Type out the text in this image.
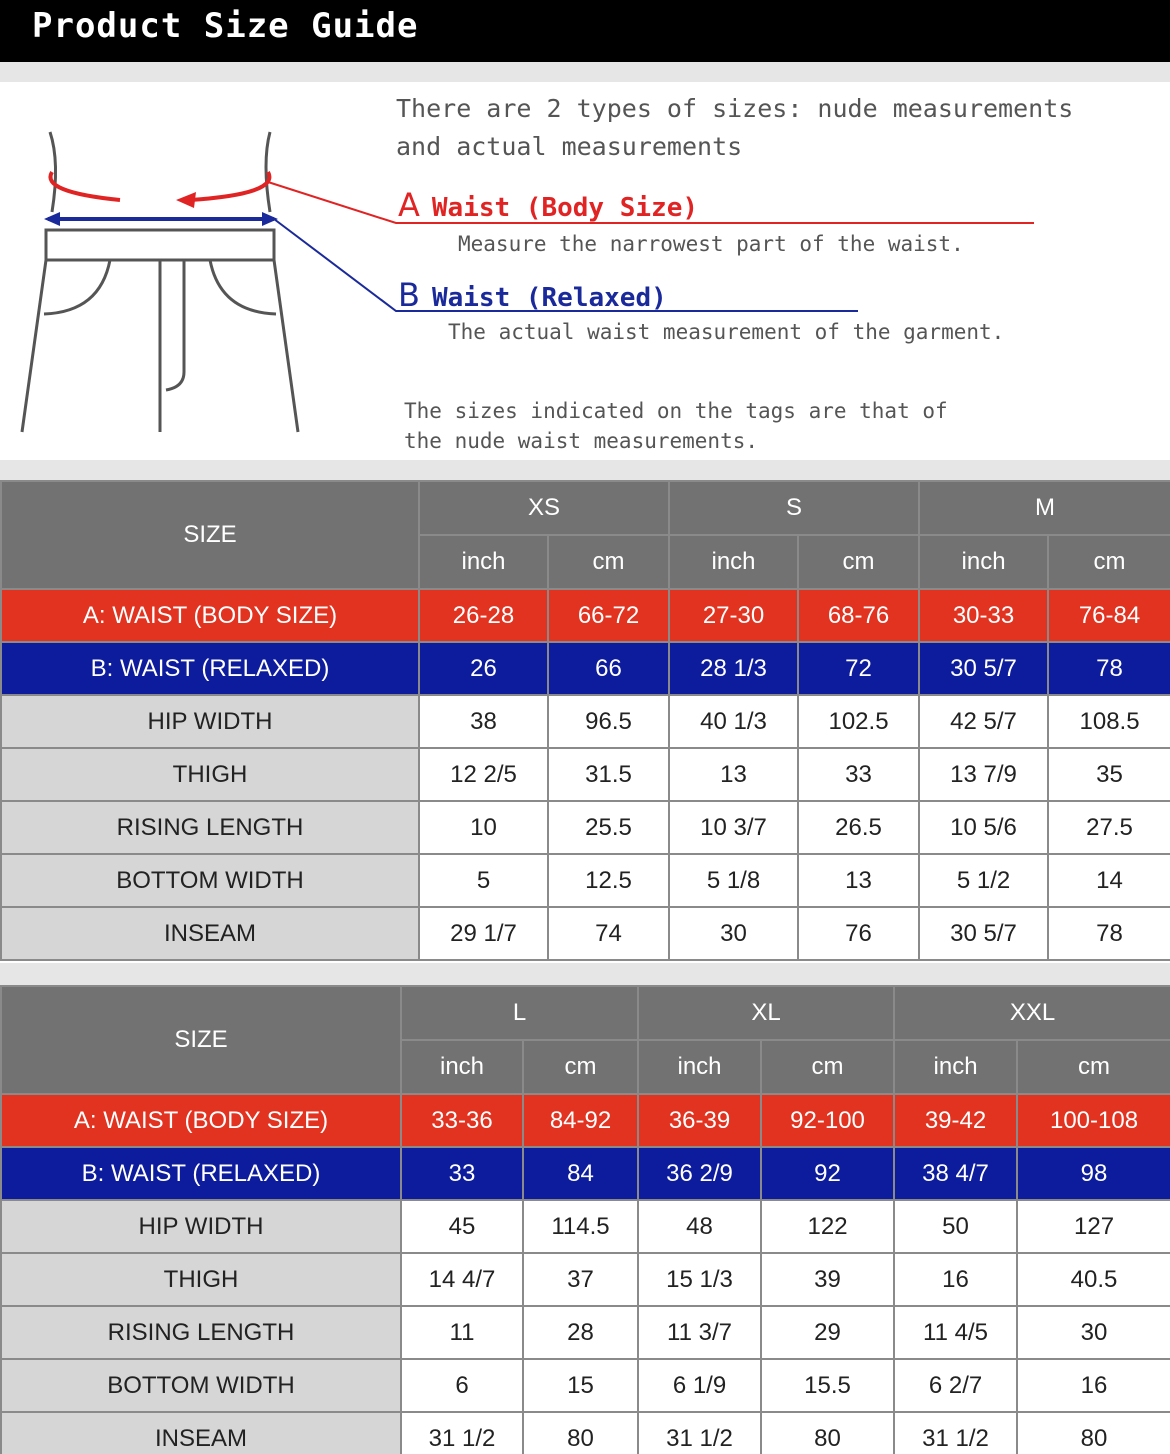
Product Size Guide
There are 2 types of sizes: nude measurements
and actual measurements
A Waist (Body Size)
Measure the narrowest part of the waist.
B Waist (Relaxed)
The actual waist measurement of the garment.
The sizes indicated on the tags are that of
the nude waist measurements.
SIZE	XS		S		M	
	inch	cm	inch	cm	inch	cm
A: WAIST (BODY SIZE)	26-28	66-72	27-30	68-76	30-33	76-84
B: WAIST (RELAXED)	26	66	28 1/3	72	30 5/7	78
HIP WIDTH	38	96.5	40 1/3	102.5	42 5/7	108.5
THIGH	12 2/5	31.5	13	33	13 7/9	35
RISING LENGTH	10	25.5	10 3/7	26.5	10 5/6	27.5
BOTTOM WIDTH	5	12.5	5 1/8	13	5 1/2	14
INSEAM	29 1/7	74	30	76	30 5/7	78
SIZE	L		XL		XXL	
	inch	cm	inch	cm	inch	cm
A: WAIST (BODY SIZE)	33-36	84-92	36-39	92-100	39-42	100-108
B: WAIST (RELAXED)	33	84	36 2/9	92	38 4/7	98
HIP WIDTH	45	114.5	48	122	50	127
THIGH	14 4/7	37	15 1/3	39	16	40.5
RISING LENGTH	11	28	11 3/7	29	11 4/5	30
BOTTOM WIDTH	6	15	6 1/9	15.5	6 2/7	16
INSEAM	31 1/2	80	31 1/2	80	31 1/2	80
